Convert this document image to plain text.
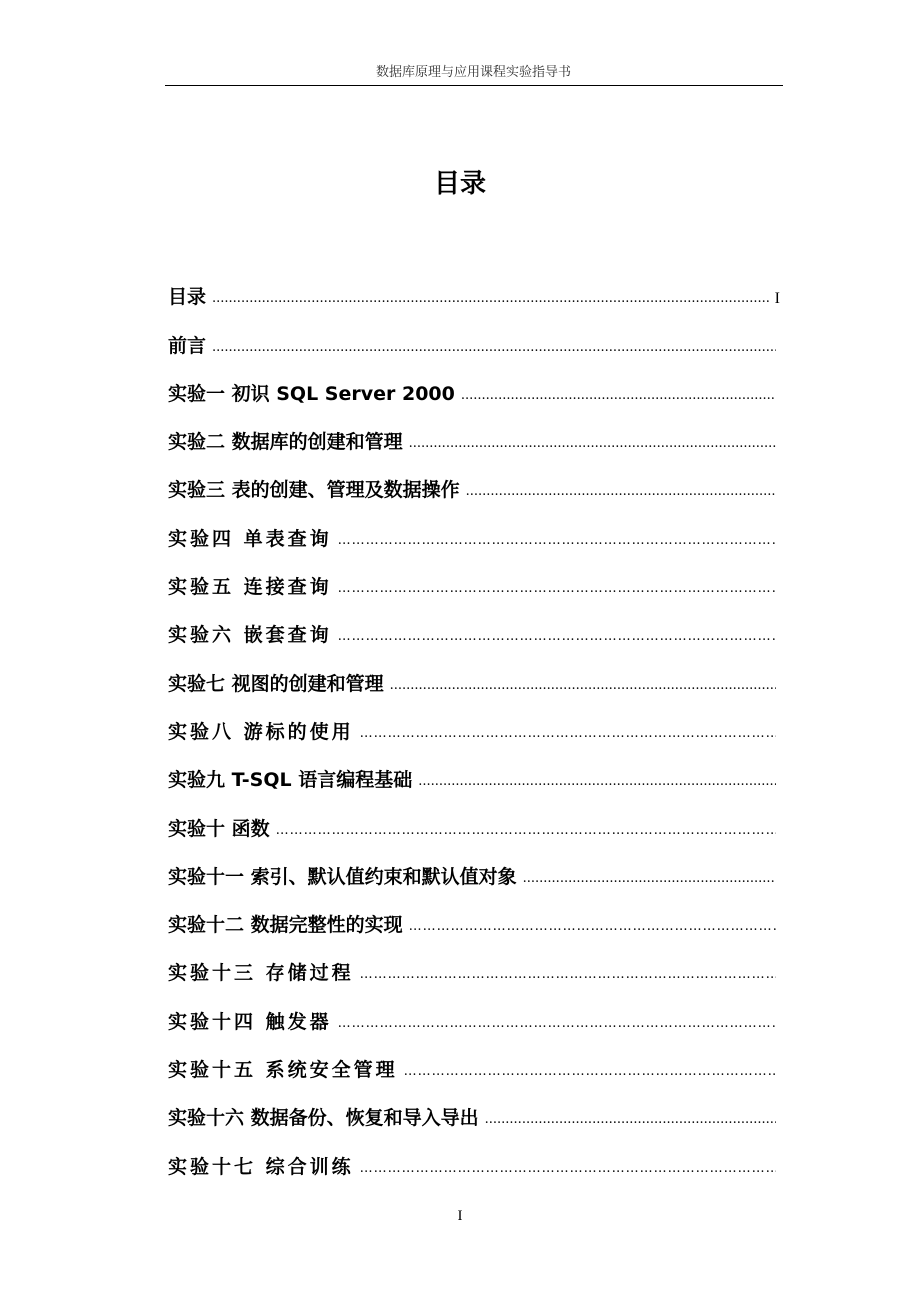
数据库原理与应用课程实验指导书
目录
目录
.....	I
前言
.....
实验一 初识 SQL Server 2000
.....
实验二 数据库的创建和管理
.....
实验三 表的创建、管理及数据操作
.....
实验四 单表查询
…………………………………………………………………………………………………………………………………………
实验五 连接查询
…………………………………………………………………………………………………………………………………………
实验六 嵌套查询
…………………………………………………………………………………………………………………………………………
实验七 视图的创建和管理
.....
实验八 游标的使用
…………………………………………………………………………………………………………………………………………
实验九 T-SQL 语言编程基础
.....
实验十 函数
…………………………………………………………………………………………………………………………………………
实验十一 索引、默认值约束和默认值对象
.....
实验十二 数据完整性的实现
…………………………………………………………………………………………………………………………………………
实验十三 存储过程
…………………………………………………………………………………………………………………………………………
实验十四 触发器
…………………………………………………………………………………………………………………………………………
实验十五 系统安全管理
…………………………………………………………………………………………………………………………………………
实验十六 数据备份、恢复和导入导出
.....
实验十七 综合训练
…………………………………………………………………………………………………………………………………………
I
